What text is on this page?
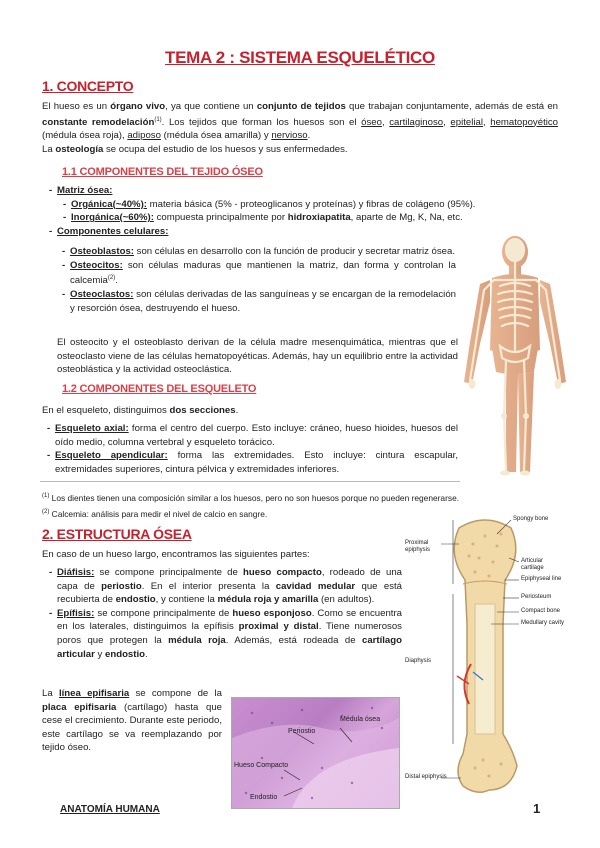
TEMA 2 : SISTEMA ESQUELÉTICO
1. CONCEPTO
El hueso es un órgano vivo, ya que contiene un conjunto de tejidos que trabajan conjuntamente, además de está en constante remodelación$^{(1)}$. Los tejidos que forman los huesos son el óseo, cartilaginoso, epitelial, hematopoyético (médula ósea roja), adiposo (médula ósea amarilla) y nervioso.
La osteología se ocupa del estudio de los huesos y sus enfermedades.
1.1 COMPONENTES DEL TEJIDO ÓSEO
- Matriz ósea:
- Orgánica(~40%): materia básica (5% - proteoglicanos y proteínas) y fibras de colágeno (95%).
- Inorgánica(~60%): compuesta principalmente por hidroxiapatita, aparte de Mg, K, Na, etc.
- Componentes celulares:
- Osteoblastos: son células en desarrollo con la función de producir y secretar matriz ósea.
- Osteocitos: son células maduras que mantienen la matriz, dan forma y controlan la calcemia$^{(2)}$.
- Osteoclastos: son células derivadas de las sanguíneas y se encargan de la remodelación y resorción ósea, destruyendo el hueso.
El osteocito y el osteoblasto derivan de la célula madre mesenquimática, mientras que el osteoclasto viene de las células hematopoyéticas. Además, hay un equilibrio entre la actividad osteoblástica y la actividad osteoclástica.
1.2 COMPONENTES DEL ESQUELETO
En el esqueleto, distinguimos dos secciones.
- Esqueleto axial: forma el centro del cuerpo. Esto incluye: cráneo, hueso hioides, huesos del oído medio, columna vertebral y esqueleto torácico.
- Esqueleto apendicular: forma las extremidades. Esto incluye: cintura escapular, extremidades superiores, cintura pélvica y extremidades inferiores.
$^{(1)}$ Los dientes tienen una composición similar a los huesos, pero no son huesos porque no pueden regenerarse.
$^{(2)}$ Calcemia: análisis para medir el nivel de calcio en sangre.
2. ESTRUCTURA ÓSEA
En caso de un hueso largo, encontramos las siguientes partes:
- Diáfisis: se compone principalmente de hueso compacto, rodeado de una capa de periostio. En el interior presenta la cavidad medular que está recubierta de endostio, y contiene la médula roja y amarilla (en adultos).
- Epífisis: se compone principalmente de hueso esponjoso. Como se encuentra en los laterales, distinguimos la epífisis proximal y distal. Tiene numerosos poros que protegen la médula roja. Además, está rodeada de cartílago articular y endostio.
La línea epifisaria se compone de la placa epifisaria (cartílago) hasta que cese el crecimiento. Durante este periodo, este cartílago se va reemplazando por tejido óseo.
Spongy bone
Proximal epiphysis
Articular cartilage
Epiphyseal line
Periosteum
Compact bone
Medullary cavity
Diaphysis
Distal epiphysis
Médula ósea
Periostio
Hueso Compacto
Endostio
ANATOMÍA HUMANA	1
